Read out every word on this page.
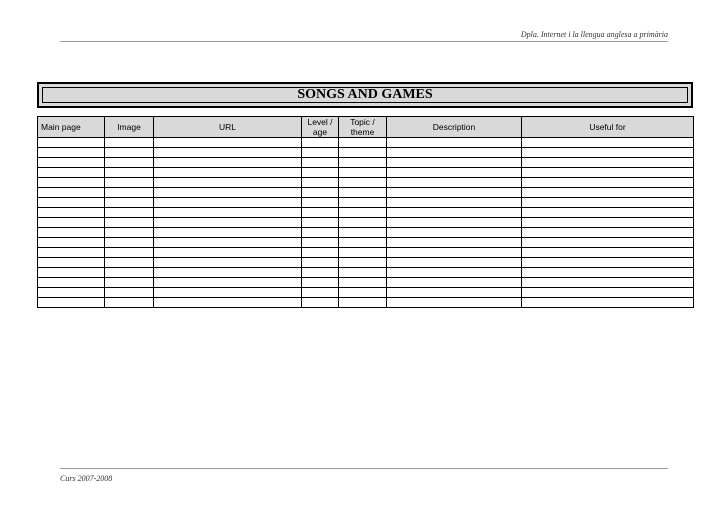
Dpla. Internet i la llengua anglesa a primària
SONGS AND GAMES
Main page	Image	URL	Level / age	Topic / theme	Description	Useful for

Curs 2007-2008
